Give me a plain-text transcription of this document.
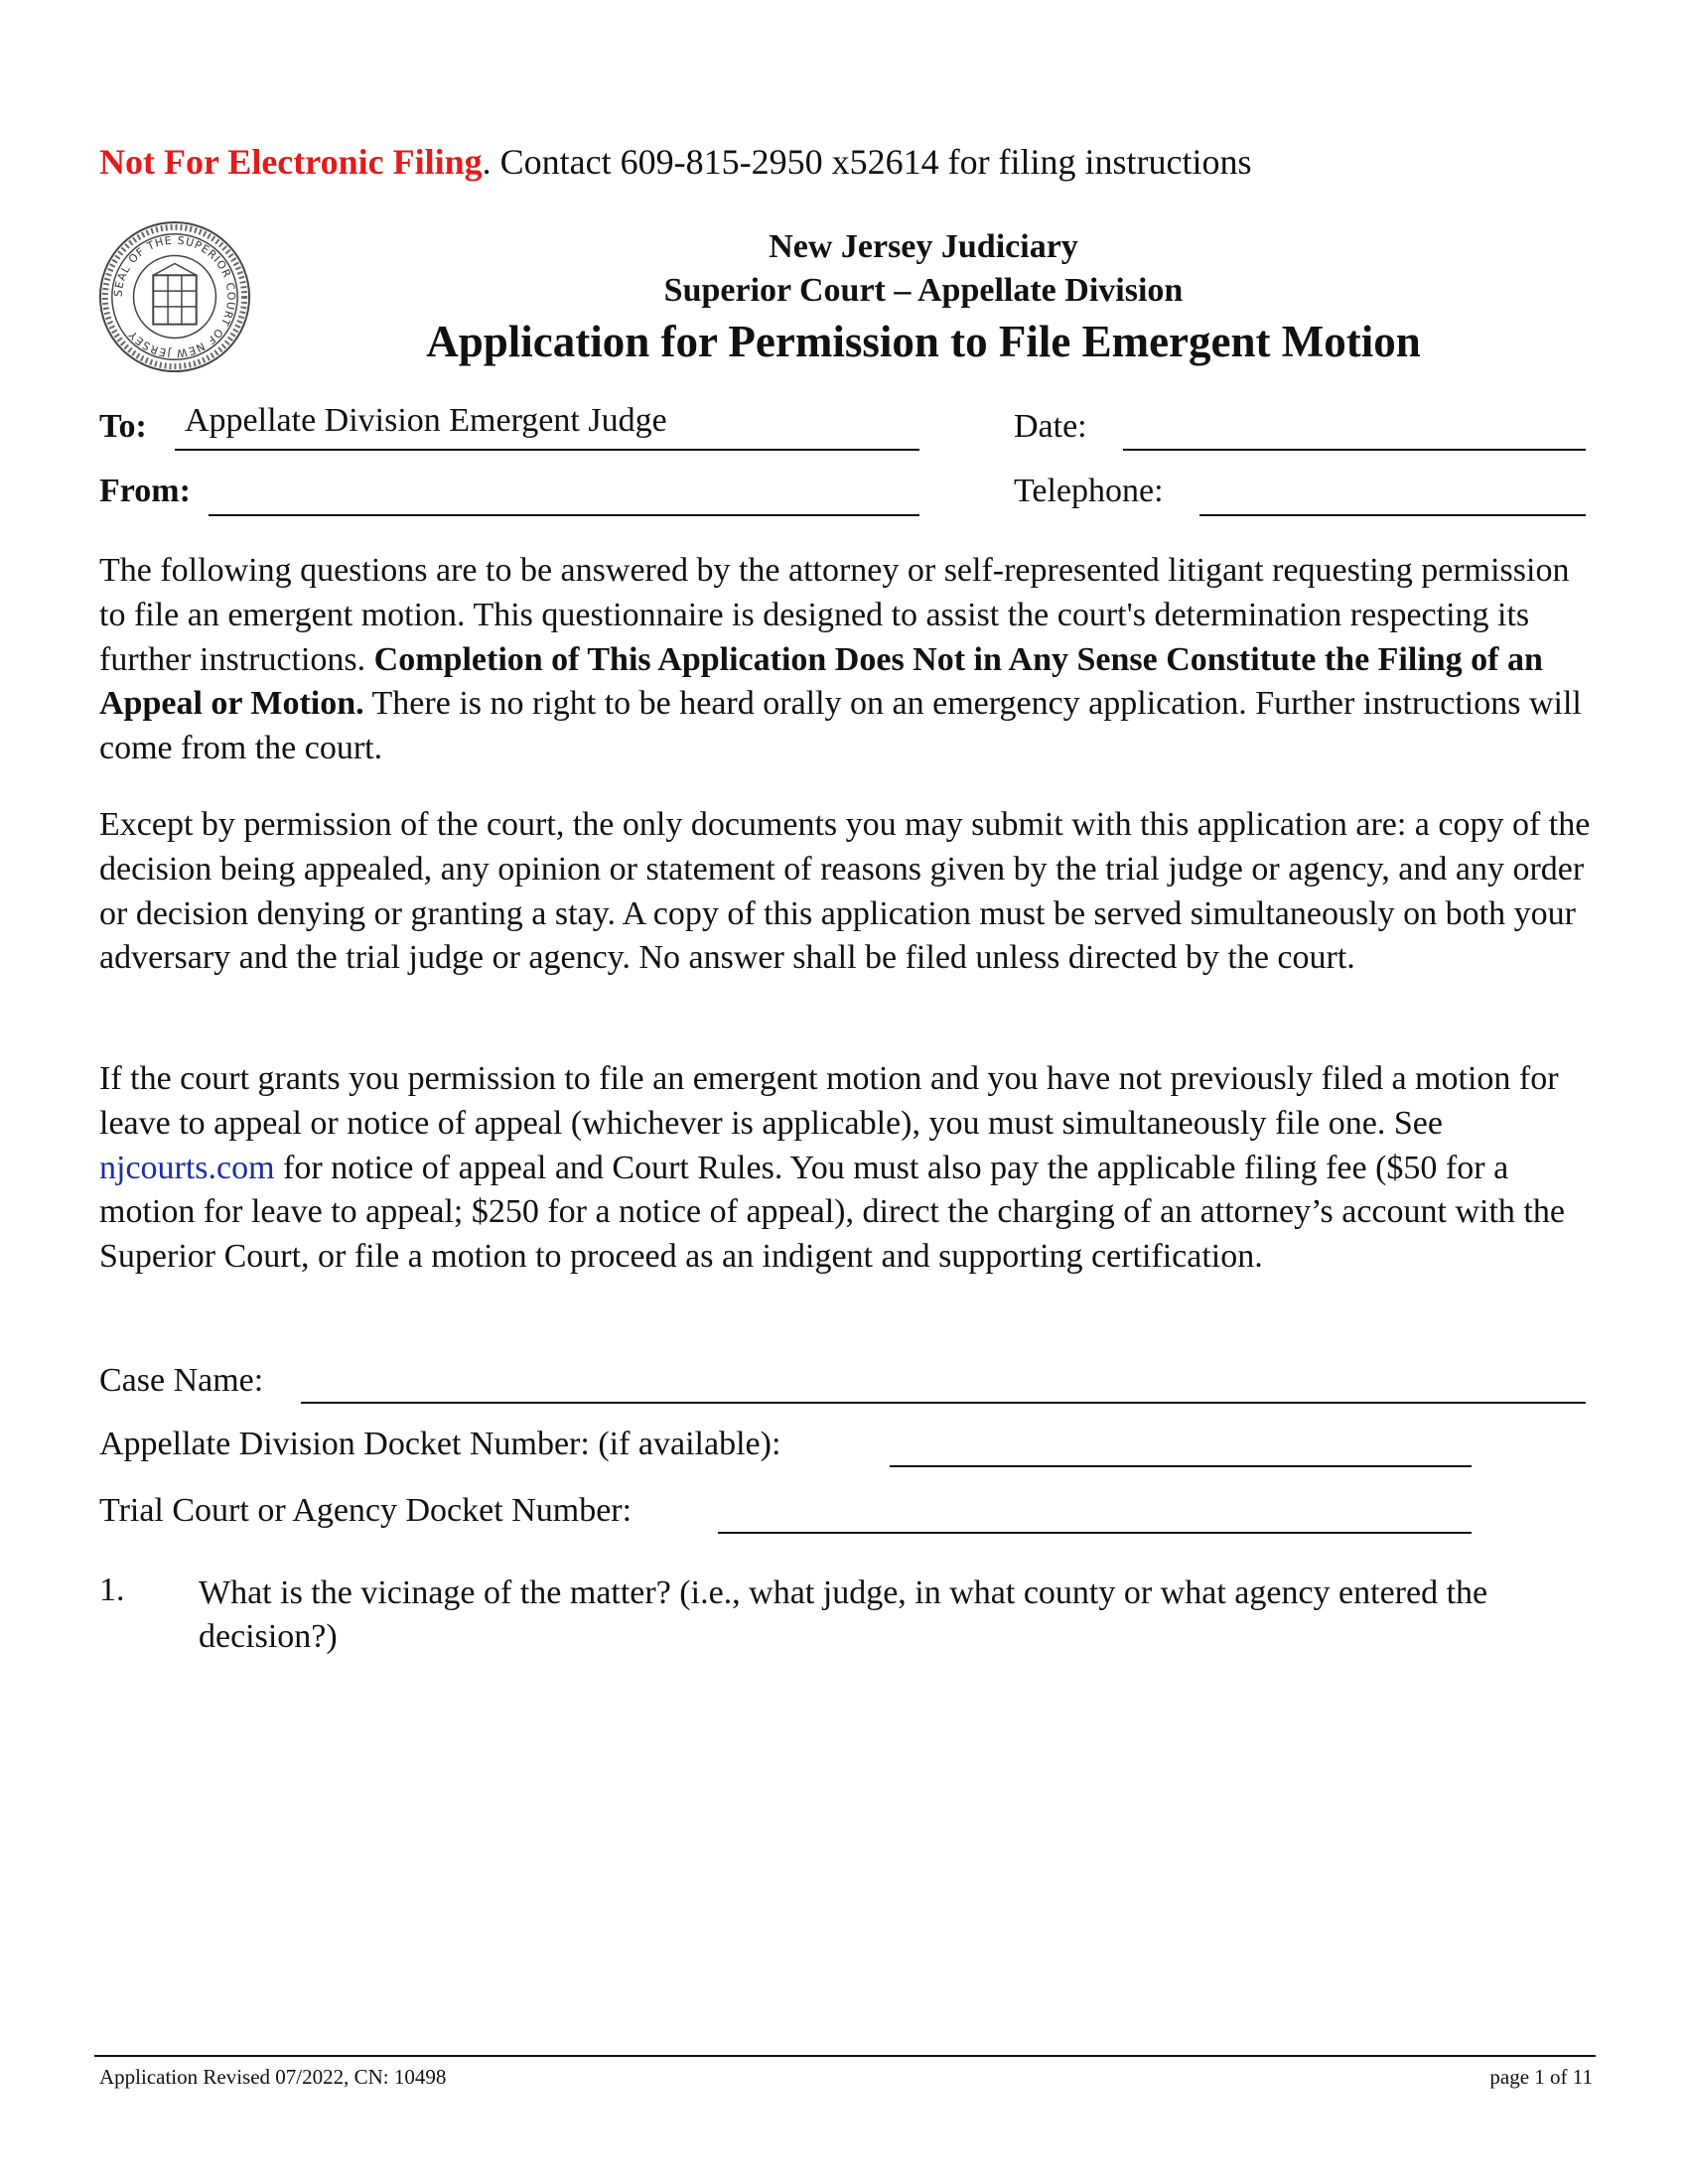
Not For Electronic Filing. Contact 609-815-2950 x52614 for filing instructions
SEAL OF THE SUPERIOR COURT OF NEW JERSEY
New Jersey Judiciary
Superior Court – Appellate Division
Application for Permission to File Emergent Motion
To: Appellate Division Emergent Judge	Date:
From:	Telephone:

The following questions are to be answered by the attorney or self-represented litigant requesting permission to file an emergent motion. This questionnaire is designed to assist the court's determination respecting its further instructions. Completion of This Application Does Not in Any Sense Constitute the Filing of an Appeal or Motion. There is no right to be heard orally on an emergency application. Further instructions will come from the court.

Except by permission of the court, the only documents you may submit with this application are: a copy of the decision being appealed, any opinion or statement of reasons given by the trial judge or agency, and any order or decision denying or granting a stay. A copy of this application must be served simultaneously on both your adversary and the trial judge or agency. No answer shall be filed unless directed by the court.

If the court grants you permission to file an emergent motion and you have not previously filed a motion for leave to appeal or notice of appeal (whichever is applicable), you must simultaneously file one. See njcourts.com for notice of appeal and Court Rules. You must also pay the applicable filing fee ($50 for a motion for leave to appeal; $250 for a notice of appeal), direct the charging of an attorney’s account with the Superior Court, or file a motion to proceed as an indigent and supporting certification.

Case Name:
Appellate Division Docket Number: (if available):
Trial Court or Agency Docket Number:
1. What is the vicinage of the matter? (i.e., what judge, in what county or what agency entered the decision?)
Application Revised 07/2022, CN: 10498	page 1 of 11
